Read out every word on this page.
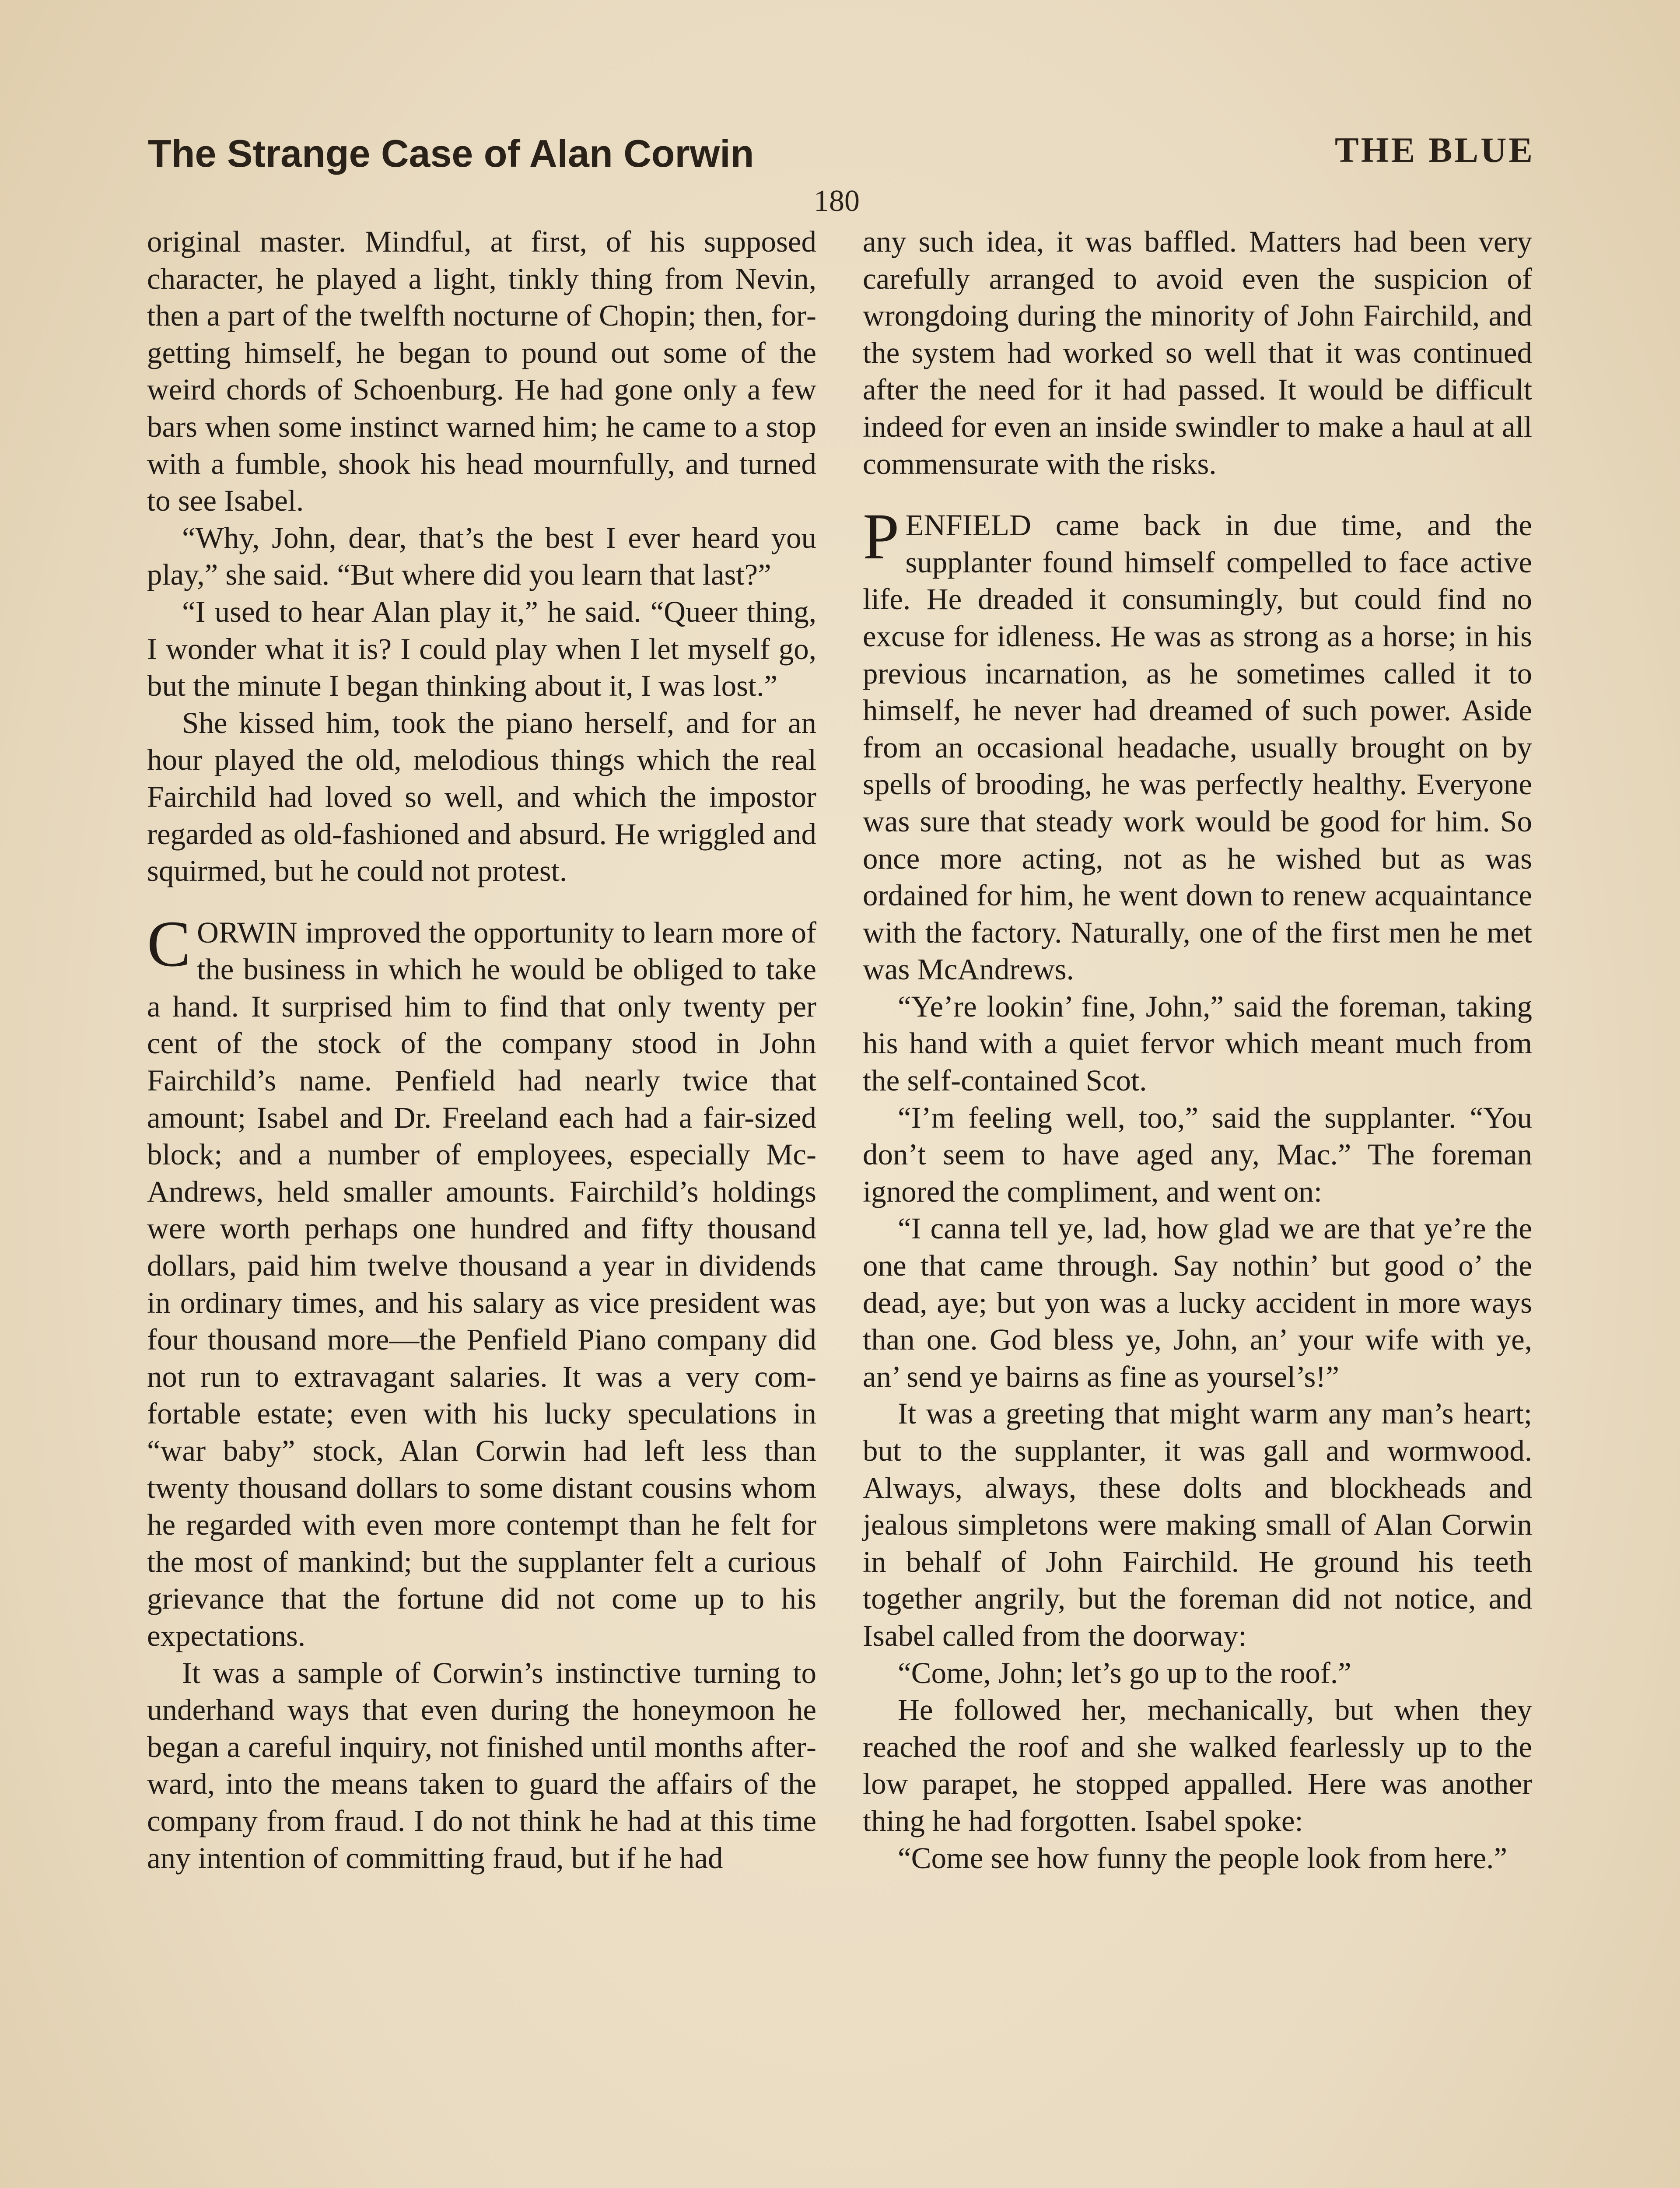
The Strange Case of Alan Corwin	THE BLUE
180

original master. Mindful, at first, of his supposed character, he played a light, tinkly thing from Nevin, then a part of the twelfth nocturne of Chopin; then, forgetting himself, he began to pound out some of the weird chords of Schoenburg. He had gone only a few bars when some instinct warned him; he came to a stop with a fumble, shook his head mournfully, and turned to see Isabel.

“Why, John, dear, that’s the best I ever heard you play,” she said. “But where did you learn that last?”

“I used to hear Alan play it,” he said. “Queer thing, I wonder what it is? I could play when I let myself go, but the minute I began thinking about it, I was lost.”

She kissed him, took the piano herself, and for an hour played the old, melodious things which the real Fairchild had loved so well, and which the impostor regarded as old-fashioned and absurd. He wriggled and squirmed, but he could not protest.

CORWIN improved the opportunity to learn more of the business in which he would be obliged to take a hand. It surprised him to find that only twenty per cent of the stock of the company stood in John Fairchild’s name. Penfield had nearly twice that amount; Isabel and Dr. Freeland each had a fair-sized block; and a number of employees, especially McAndrews, held smaller amounts. Fairchild’s holdings were worth perhaps one hundred and fifty thousand dollars, paid him twelve thousand a year in dividends in ordinary times, and his salary as vice president was four thousand more—the Penfield Piano company did not run to extravagant salaries. It was a very comfortable estate; even with his lucky speculations in “war baby” stock, Alan Corwin had left less than twenty thousand dollars to some distant cousins whom he regarded with even more contempt than he felt for the most of mankind; but the supplanter felt a curious grievance that the fortune did not come up to his expectations.

It was a sample of Corwin’s instinctive turning to underhand ways that even during the honeymoon he began a careful inquiry, not finished until months afterward, into the means taken to guard the affairs of the company from fraud. I do not think he had at this time any intention of committing fraud, but if he had

any such idea, it was baffled. Matters had been very carefully arranged to avoid even the suspicion of wrongdoing during the minority of John Fairchild, and the system had worked so well that it was continued after the need for it had passed. It would be difficult indeed for even an inside swindler to make a haul at all commensurate with the risks.

PENFIELD came back in due time, and the supplanter found himself compelled to face active life. He dreaded it consumingly, but could find no excuse for idleness. He was as strong as a horse; in his previous incarnation, as he sometimes called it to himself, he never had dreamed of such power. Aside from an occasional headache, usually brought on by spells of brooding, he was perfectly healthy. Everyone was sure that steady work would be good for him. So once more acting, not as he wished but as was ordained for him, he went down to renew acquaintance with the factory. Naturally, one of the first men he met was McAndrews.

“Ye’re lookin’ fine, John,” said the foreman, taking his hand with a quiet fervor which meant much from the self-contained Scot.

“I’m feeling well, too,” said the supplanter. “You don’t seem to have aged any, Mac.” The foreman ignored the compliment, and went on:

“I canna tell ye, lad, how glad we are that ye’re the one that came through. Say nothin’ but good o’ the dead, aye; but yon was a lucky accident in more ways than one. God bless ye, John, an’ your wife with ye, an’ send ye bairns as fine as yoursel’s!”

It was a greeting that might warm any man’s heart; but to the supplanter, it was gall and wormwood. Always, always, these dolts and blockheads and jealous simpletons were making small of Alan Corwin in behalf of John Fairchild. He ground his teeth together angrily, but the foreman did not notice, and Isabel called from the doorway:

“Come, John; let’s go up to the roof.”

He followed her, mechanically, but when they reached the roof and she walked fearlessly up to the low parapet, he stopped appalled. Here was another thing he had forgotten. Isabel spoke:

“Come see how funny the people look from here.”
